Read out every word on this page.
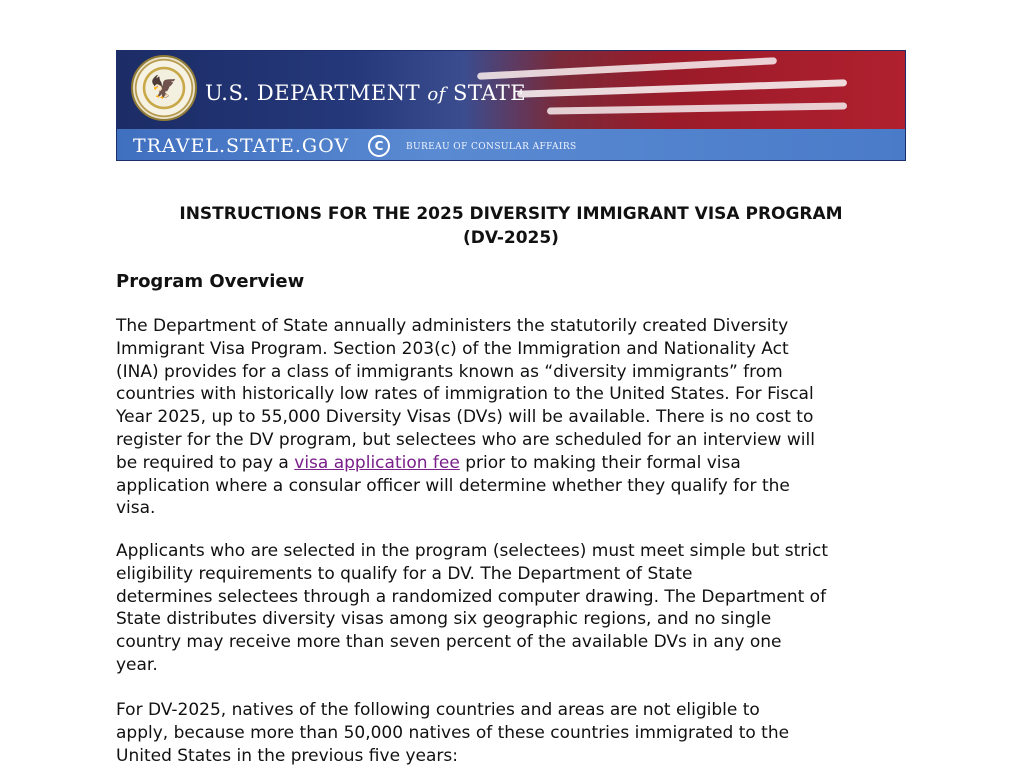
🦅 U.S. DEPARTMENT of STATE
TRAVEL.STATE.GOV	C	BUREAU OF CONSULAR AFFAIRS
INSTRUCTIONS FOR THE 2025 DIVERSITY IMMIGRANT VISA PROGRAM
(DV-2025)
Program Overview
The Department of State annually administers the statutorily created Diversity
Immigrant Visa Program. Section 203(c) of the Immigration and Nationality Act
(INA) provides for a class of immigrants known as “diversity immigrants” from
countries with historically low rates of immigration to the United States. For Fiscal
Year 2025, up to 55,000 Diversity Visas (DVs) will be available. There is no cost to
register for the DV program, but selectees who are scheduled for an interview will
be required to pay a visa application fee prior to making their formal visa
application where a consular officer will determine whether they qualify for the
visa.
Applicants who are selected in the program (selectees) must meet simple but strict
eligibility requirements to qualify for a DV. The Department of State
determines selectees through a randomized computer drawing. The Department of
State distributes diversity visas among six geographic regions, and no single
country may receive more than seven percent of the available DVs in any one
year.
For DV-2025, natives of the following countries and areas are not eligible to
apply, because more than 50,000 natives of these countries immigrated to the
United States in the previous five years:
